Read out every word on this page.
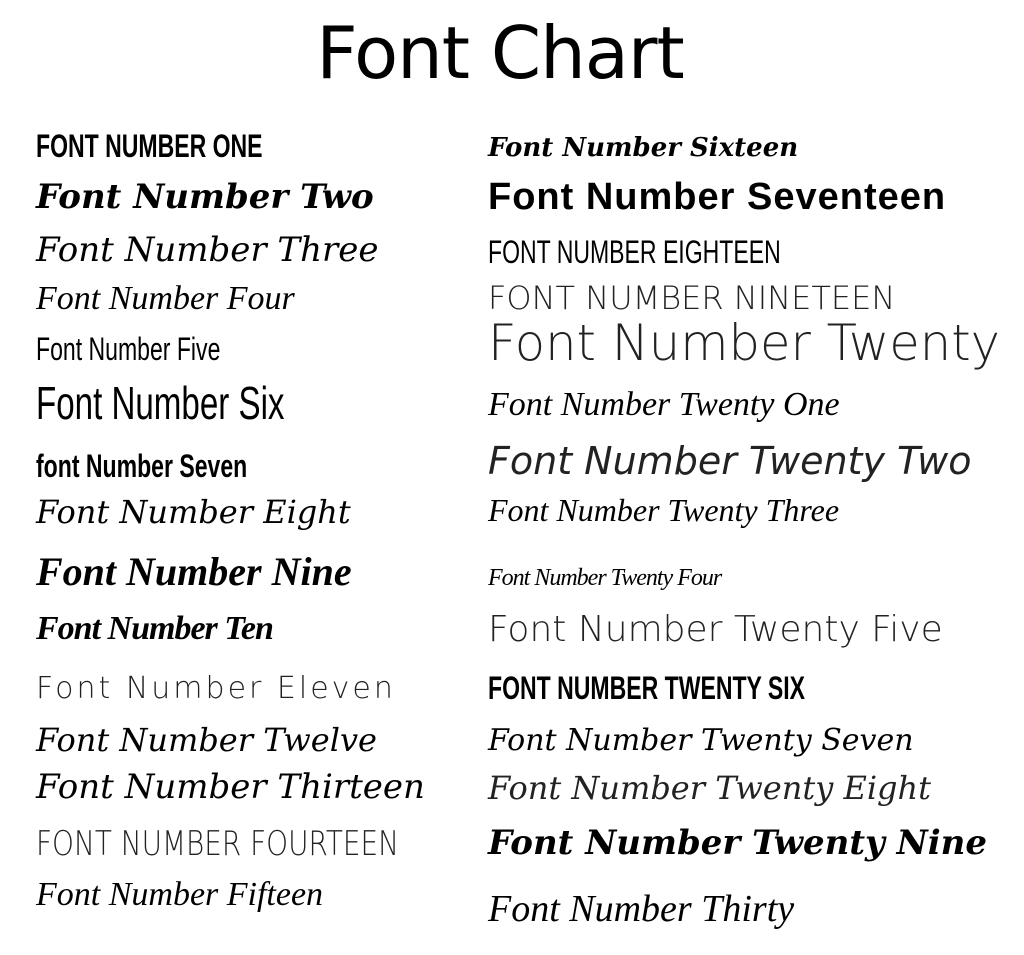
Font Chart
FONT NUMBER ONE
Font Number Two
Font Number Three
Font Number Four
Font Number Five
Font Number Six
font Number Seven
Font Number Eight
Font Number Nine
Font Number Ten
Font Number Eleven
Font Number Twelve
Font Number Thirteen
FONT NUMBER FOURTEEN
Font Number Fifteen
Font Number Sixteen
Font Number Seventeen
FONT NUMBER EIGHTEEN
FONT NUMBER NINETEEN
Font Number Twenty
Font Number Twenty One
Font Number Twenty Two
Font Number Twenty Three
Font Number Twenty Four
Font Number Twenty Five
FONT NUMBER TWENTY SIX
Font Number Twenty Seven
Font Number Twenty Eight
Font Number Twenty Nine
Font Number Thirty
